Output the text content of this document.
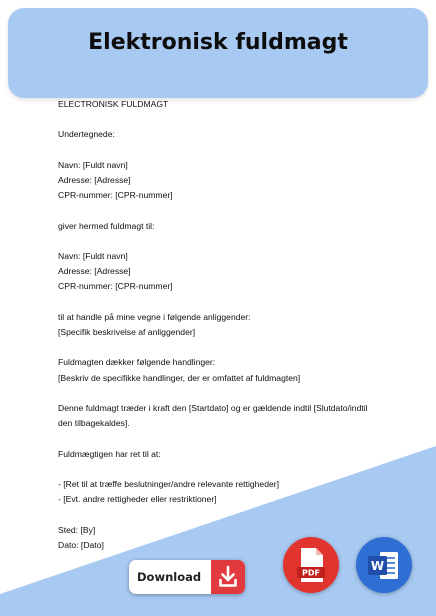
Elektronisk fuldmagt

ELECTRONISK FULDMAGT

Undertegnede:

Navn: [Fuldt navn]
Adresse: [Adresse]
CPR-nummer: [CPR-nummer]

giver hermed fuldmagt til:

Navn: [Fuldt navn]
Adresse: [Adresse]
CPR-nummer: [CPR-nummer]

til at handle på mine vegne i følgende anliggender:
[Specifik beskrivelse af anliggender]

Fuldmagten dækker følgende handlinger:
[Beskriv de specifikke handlinger, der er omfattet af fuldmagten]

Denne fuldmagt træder i kraft den [Startdato] og er gældende indtil [Slutdato/indtil den tilbagekaldes].

Fuldmægtigen har ret til at:

- [Ret til at træffe beslutninger/andre relevante rettigheder]
- [Evt. andre rettigheder eller restriktioner]

Sted: [By]
Dato: [Dato]

Download	PDF
W
